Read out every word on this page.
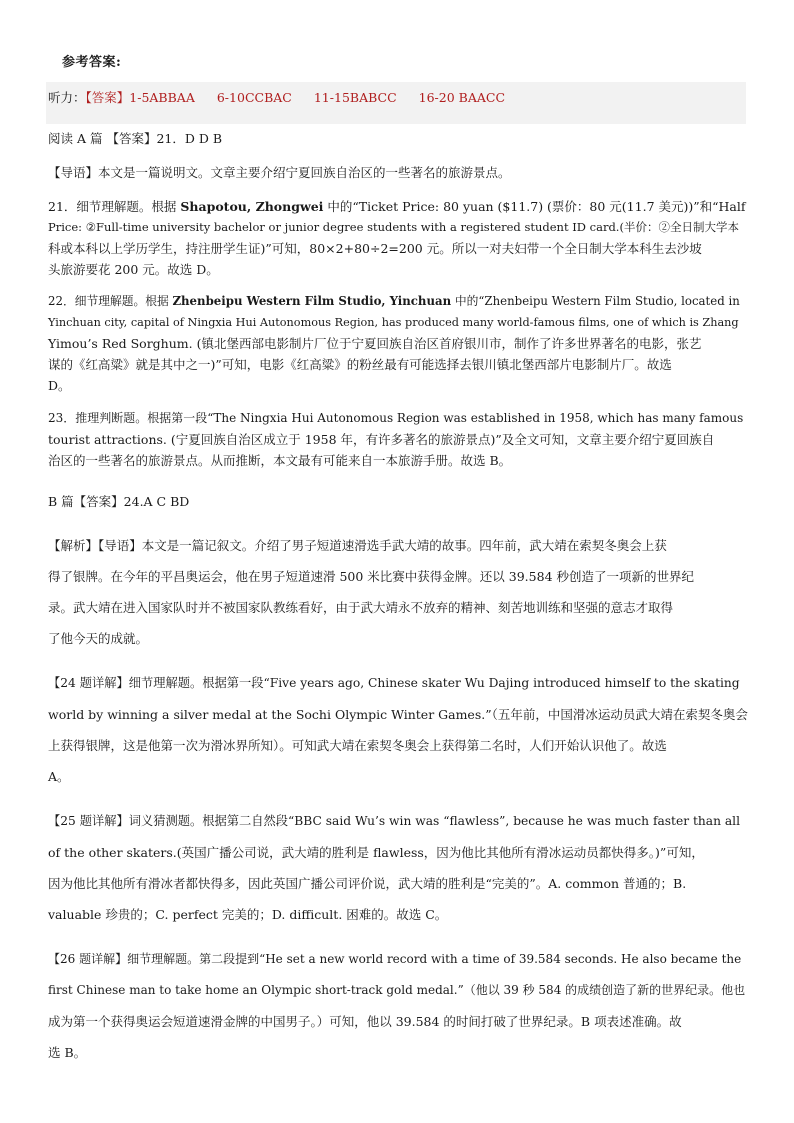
参考答案:
听力：【答案】1-5ABBAA 6-10CCBAC 11-15BABCC 16-20 BAACC
阅读 A 篇 【答案】21．D D B
【导语】本文是一篇说明文。文章主要介绍宁夏回族自治区的一些著名的旅游景点。
21．细节理解题。根据 Shapotou, Zhongwei 中的“Ticket Price: 80 yuan ($11.7) (票价：80 元(11.7 美元))”和“Half
Price: ②Full-time university bachelor or junior degree students with a registered student ID card.(半价：②全日制大学本
科或本科以上学历学生，持注册学生证)”可知，80×2+80÷2=200 元。所以一对夫妇带一个全日制大学本科生去沙坡
头旅游要花 200 元。故选 D。
22．细节理解题。根据 Zhenbeipu Western Film Studio, Yinchuan 中的“Zhenbeipu Western Film Studio, located in
Yinchuan city, capital of Ningxia Hui Autonomous Region, has produced many world-famous films, one of which is Zhang
Yimou’s Red Sorghum. (镇北堡西部电影制片厂位于宁夏回族自治区首府银川市，制作了许多世界著名的电影，张艺
谋的《红高粱》就是其中之一)”可知，电影《红高粱》的粉丝最有可能选择去银川镇北堡西部片电影制片厂。故选
D。
23．推理判断题。根据第一段“The Ningxia Hui Autonomous Region was established in 1958, which has many famous
tourist attractions. (宁夏回族自治区成立于 1958 年，有许多著名的旅游景点)”及全文可知，文章主要介绍宁夏回族自
治区的一些著名的旅游景点。从而推断，本文最有可能来自一本旅游手册。故选 B。
B 篇【答案】24.A C BD
【解析】【导语】本文是一篇记叙文。介绍了男子短道速滑选手武大靖的故事。四年前，武大靖在索契冬奥会上获
得了银牌。在今年的平昌奥运会，他在男子短道速滑 500 米比赛中获得金牌。还以 39.584 秒创造了一项新的世界纪
录。武大靖在进入国家队时并不被国家队教练看好，由于武大靖永不放弃的精神、刻苦地训练和坚强的意志才取得
了他今天的成就。
【24 题详解】细节理解题。根据第一段“Five years ago, Chinese skater Wu Dajing introduced himself to the skating
world by winning a silver medal at the Sochi Olympic Winter Games.”（五年前，中国滑冰运动员武大靖在索契冬奥会
上获得银牌，这是他第一次为滑冰界所知）。可知武大靖在索契冬奥会上获得第二名时，人们开始认识他了。故选
A。
【25 题详解】词义猜测题。根据第二自然段“BBC said Wu’s win was “flawless”, because he was much faster than all
of the other skaters.(英国广播公司说，武大靖的胜利是 flawless，因为他比其他所有滑冰运动员都快得多。)”可知，
因为他比其他所有滑冰者都快得多，因此英国广播公司评价说，武大靖的胜利是“完美的”。A. common 普通的；B.
valuable 珍贵的；C. perfect 完美的；D. difficult. 困难的。故选 C。
【26 题详解】细节理解题。第二段提到“He set a new world record with a time of 39.584 seconds. He also became the
first Chinese man to take home an Olympic short-track gold medal.”（他以 39 秒 584 的成绩创造了新的世界纪录。他也
成为第一个获得奥运会短道速滑金牌的中国男子。）可知，他以 39.584 的时间打破了世界纪录。B 项表述准确。故
选 B。
